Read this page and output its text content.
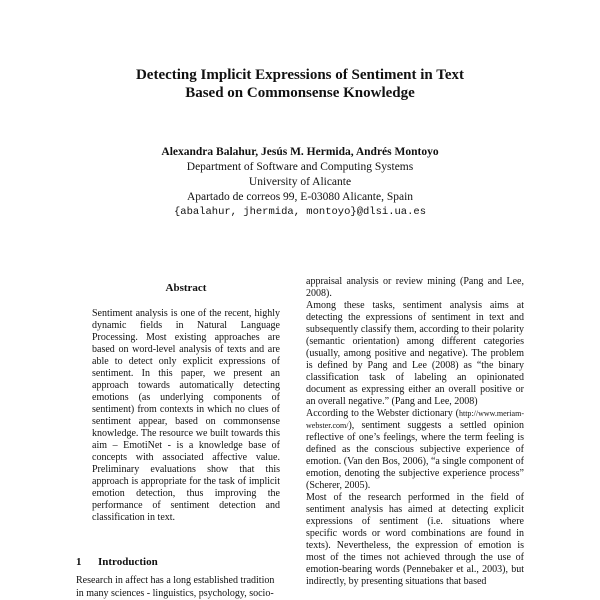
Detecting Implicit Expressions of Sentiment in Text
Based on Commonsense Knowledge
Alexandra Balahur, Jesús M. Hermida, Andrés Montoyo
Department of Software and Computing Systems
University of Alicante
Apartado de correos 99, E-03080 Alicante, Spain
{abalahur, jhermida, montoyo}@dlsi.ua.es
Abstract
Sentiment analysis is one of the recent, highly dynamic fields in Natural Language Processing. Most existing approaches are based on word-level analysis of texts and are able to detect only explicit expressions of sentiment. In this paper, we present an approach towards automatically detecting emotions (as underlying components of sentiment) from contexts in which no clues of sentiment appear, based on commonsense knowledge. The resource we built towards this aim – EmotiNet - is a knowledge base of concepts with associated affective value. Preliminary evaluations show that this approach is appropriate for the task of implicit emotion detection, thus improving the performance of sentiment detection and classification in text.
1 Introduction
Research in affect has a long established tradition
in many sciences - linguistics, psychology, socio-

appraisal analysis or review mining (Pang and Lee, 2008).

Among these tasks, sentiment analysis aims at detecting the expressions of sentiment in text and subsequently classify them, according to their polarity (semantic orientation) among different categories (usually, among positive and negative). The problem is defined by Pang and Lee (2008) as “the binary classification task of labeling an opinionated document as expressing either an overall positive or an overall negative.” (Pang and Lee, 2008)

According to the Webster dictionary (http://www.meriam-webster.com/), sentiment suggests a settled opinion reflective of one’s feelings, where the term feeling is defined as the conscious subjective experience of emotion. (Van den Bos, 2006), “a single component of emotion, denoting the subjective experience process” (Scherer, 2005).

Most of the research performed in the field of sentiment analysis has aimed at detecting explicit expressions of sentiment (i.e. situations where specific words or word combinations are found in texts). Nevertheless, the expression of emotion is most of the times not achieved through the use of emotion-bearing words (Pennebaker et al., 2003), but indirectly, by presenting situations that based
